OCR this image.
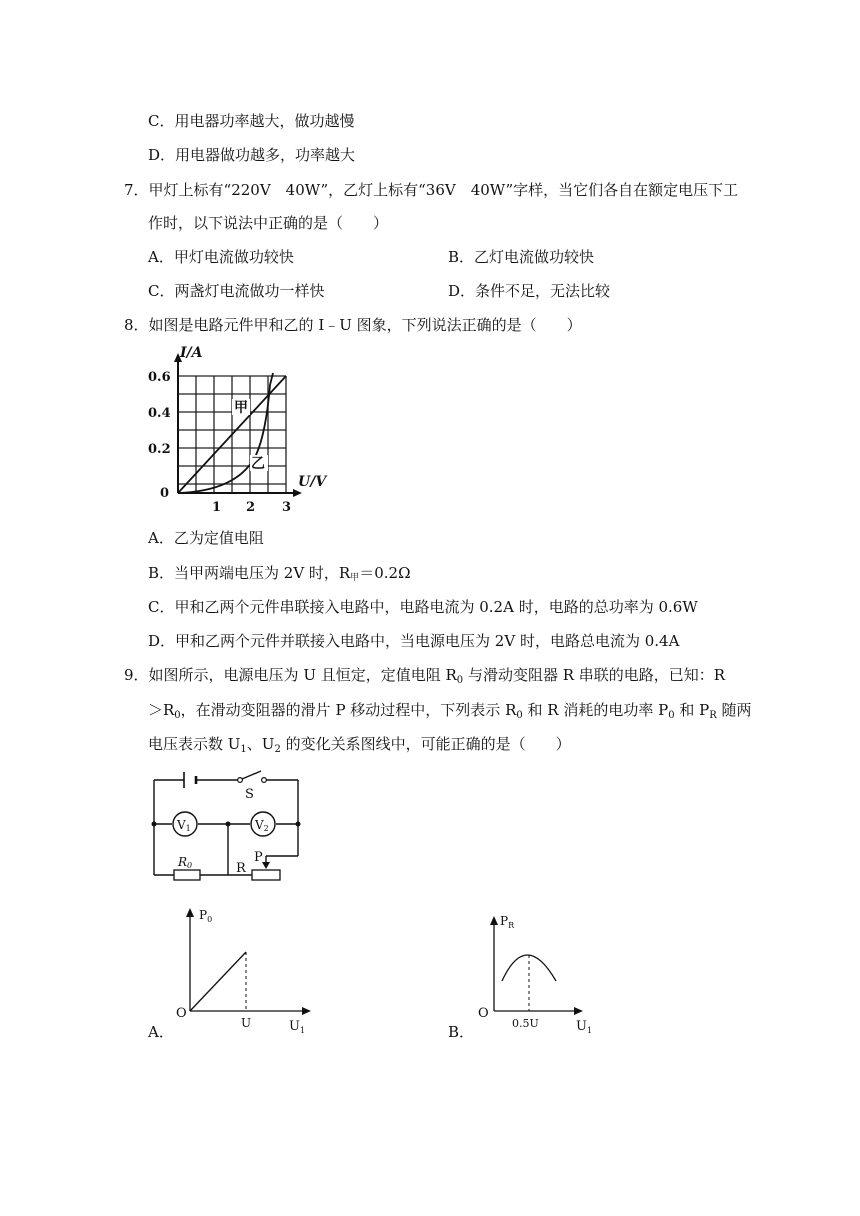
C．用电器功率越大，做功越慢
D．用电器做功越多，功率越大
7．甲灯上标有“220V　40W”，乙灯上标有“36V　40W”字样，当它们各自在额定电压下工
作时，以下说法中正确的是（　　）
A．甲灯电流做功较快	B．乙灯电流做功较快
C．两盏灯电流做功一样快	D．条件不足，无法比较
8．如图是电路元件甲和乙的 I﹣U 图象，下列说法正确的是（　　）
I/A
U/V
0.6
0.4
0.2
0
1 2 3
甲
乙
A．乙为定值电阻
B．当甲两端电压为 2V 时，R甲＝0.2Ω
C．甲和乙两个元件串联接入电路中，电路电流为 0.2A 时，电路的总功率为 0.6W
D．甲和乙两个元件并联接入电路中，当电源电压为 2V 时，电路总电流为 0.4A
9．如图所示，电源电压为 U 且恒定，定值电阻 $R_0$ 与滑动变阻器 R 串联的电路，已知：R
$>R_0$，在滑动变阻器的滑片 P 移动过程中，下列表示 $R_0$ 和 R 消耗的电功率 $P_0$ 和 $P_R$ 随两
电压表示数 $U_1$、$U_2$ 的变化关系图线中，可能正确的是（　　）
S
V1	V2
R0	R
P
$P_0$
O
U	$U_1$
A．
$P_R$
O
0.5U	$U_1$
B．
